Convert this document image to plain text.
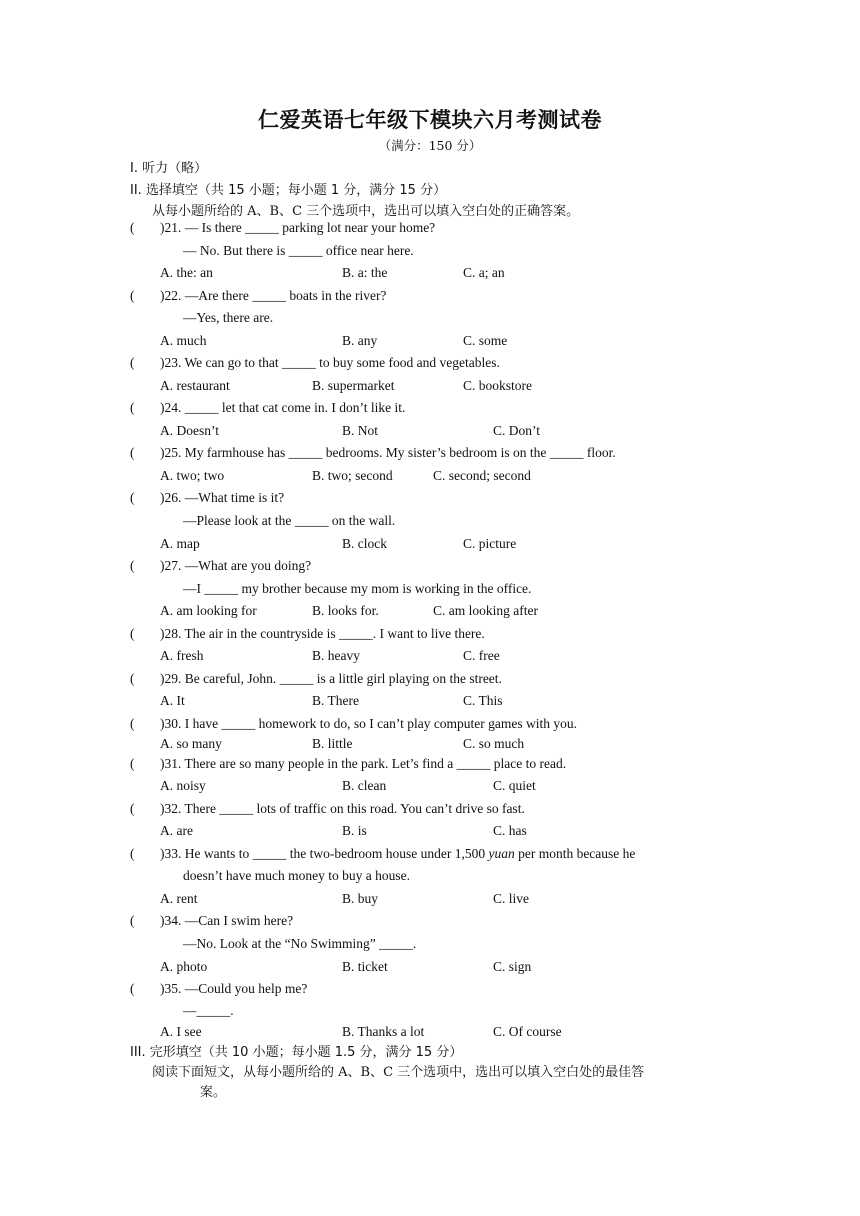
仁爱英语七年级下模块六月考测试卷
（满分：150 分）
I. 听力（略）
II. 选择填空（共 15 小题；每小题 1 分，满分 15 分）
从每小题所给的 A、B、C 三个选项中，选出可以填入空白处的正确答案。
( )21. — Is there _____ parking lot near your home?
— No. But there is _____ office near here.
A. the: an	B. a: the	C. a; an
( )22. —Are there _____ boats in the river?
—Yes, there are.
A. much	B. any	C. some
( )23. We can go to that _____ to buy some food and vegetables.
A. restaurant	B. supermarket	C. bookstore
( )24. _____ let that cat come in. I don’t like it.
A. Doesn’t	B. Not	C. Don’t
( )25. My farmhouse has _____ bedrooms. My sister’s bedroom is on the _____ floor.
A. two; two	B. two; second	C. second; second
( )26. —What time is it?
—Please look at the _____ on the wall.
A. map	B. clock	C. picture
( )27. —What are you doing?
—I _____ my brother because my mom is working in the office.
A. am looking for	B. looks for.	C. am looking after
( )28. The air in the countryside is _____. I want to live there.
A. fresh	B. heavy	C. free
( )29. Be careful, John. _____ is a little girl playing on the street.
A. It	B. There	C. This
( )30. I have _____ homework to do, so I can’t play computer games with you.
A. so many	B. little	C. so much
( )31. There are so many people in the park. Let’s find a _____ place to read.
A. noisy	B. clean	C. quiet
( )32. There _____ lots of traffic on this road. You can’t drive so fast.
A. are	B. is	C. has
( )33. He wants to _____ the two-bedroom house under 1,500 yuan per month because he
doesn’t have much money to buy a house.
A. rent	B. buy	C. live
( )34. —Can I swim here?
—No. Look at the “No Swimming” _____.
A. photo	B. ticket	C. sign
( )35. —Could you help me?
—_____.
A. I see	B. Thanks a lot	C. Of course
III. 完形填空（共 10 小题；每小题 1.5 分，满分 15 分）
阅读下面短文，从每小题所给的 A、B、C 三个选项中，选出可以填入空白处的最佳答
案。
